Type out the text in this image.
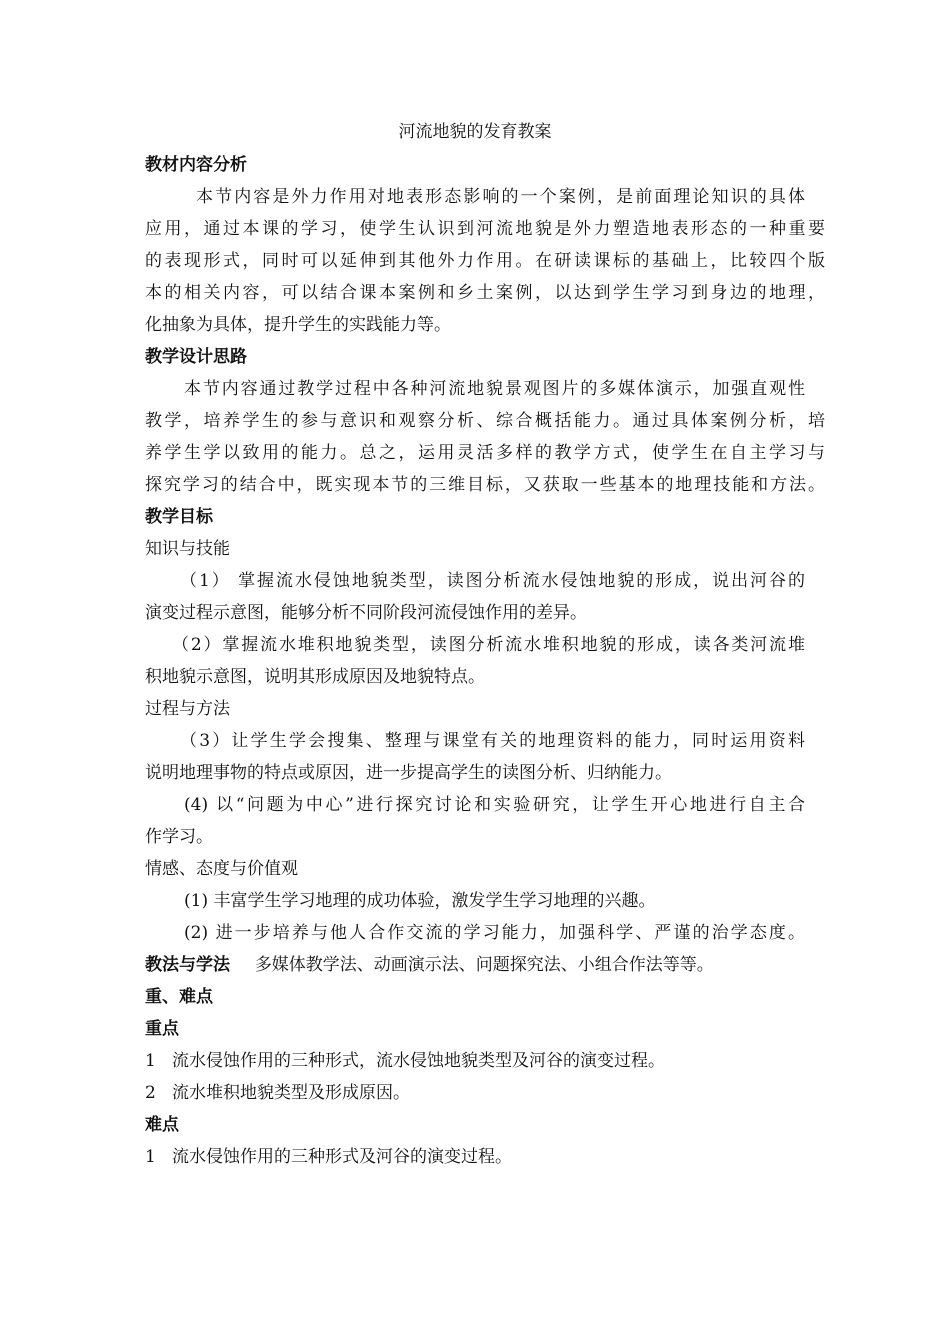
河流地貌的发育教案
教材内容分析
本节内容是外力作用对地表形态影响的一个案例，是前面理论知识的具体
应用，通过本课的学习，使学生认识到河流地貌是外力塑造地表形态的一种重要
的表现形式，同时可以延伸到其他外力作用。在研读课标的基础上，比较四个版
本的相关内容，可以结合课本案例和乡土案例，以达到学生学习到身边的地理，
化抽象为具体，提升学生的实践能力等。
教学设计思路
本节内容通过教学过程中各种河流地貌景观图片的多媒体演示，加强直观性
教学，培养学生的参与意识和观察分析、综合概括能力。通过具体案例分析，培
养学生学以致用的能力。总之，运用灵活多样的教学方式，使学生在自主学习与
探究学习的结合中，既实现本节的三维目标，又获取一些基本的地理技能和方法。
教学目标
知识与技能
（1） 掌握流水侵蚀地貌类型，读图分析流水侵蚀地貌的形成，说出河谷的
演变过程示意图，能够分析不同阶段河流侵蚀作用的差异。
（2）掌握流水堆积地貌类型，读图分析流水堆积地貌的形成，读各类河流堆
积地貌示意图，说明其形成原因及地貌特点。
过程与方法
（3）让学生学会搜集、整理与课堂有关的地理资料的能力，同时运用资料
说明地理事物的特点或原因，进一步提高学生的读图分析、归纳能力。
(4) 以“问题为中心”进行探究讨论和实验研究，让学生开心地进行自主合
作学习。
情感、态度与价值观
(1) 丰富学生学习地理的成功体验，激发学生学习地理的兴趣。
(2) 进一步培养与他人合作交流的学习能力，加强科学、严谨的治学态度。
教法与学法 多媒体教学法、动画演示法、问题探究法、小组合作法等等。
重、难点
重点
1   流水侵蚀作用的三种形式，流水侵蚀地貌类型及河谷的演变过程。
2   流水堆积地貌类型及形成原因。
难点
1   流水侵蚀作用的三种形式及河谷的演变过程。
